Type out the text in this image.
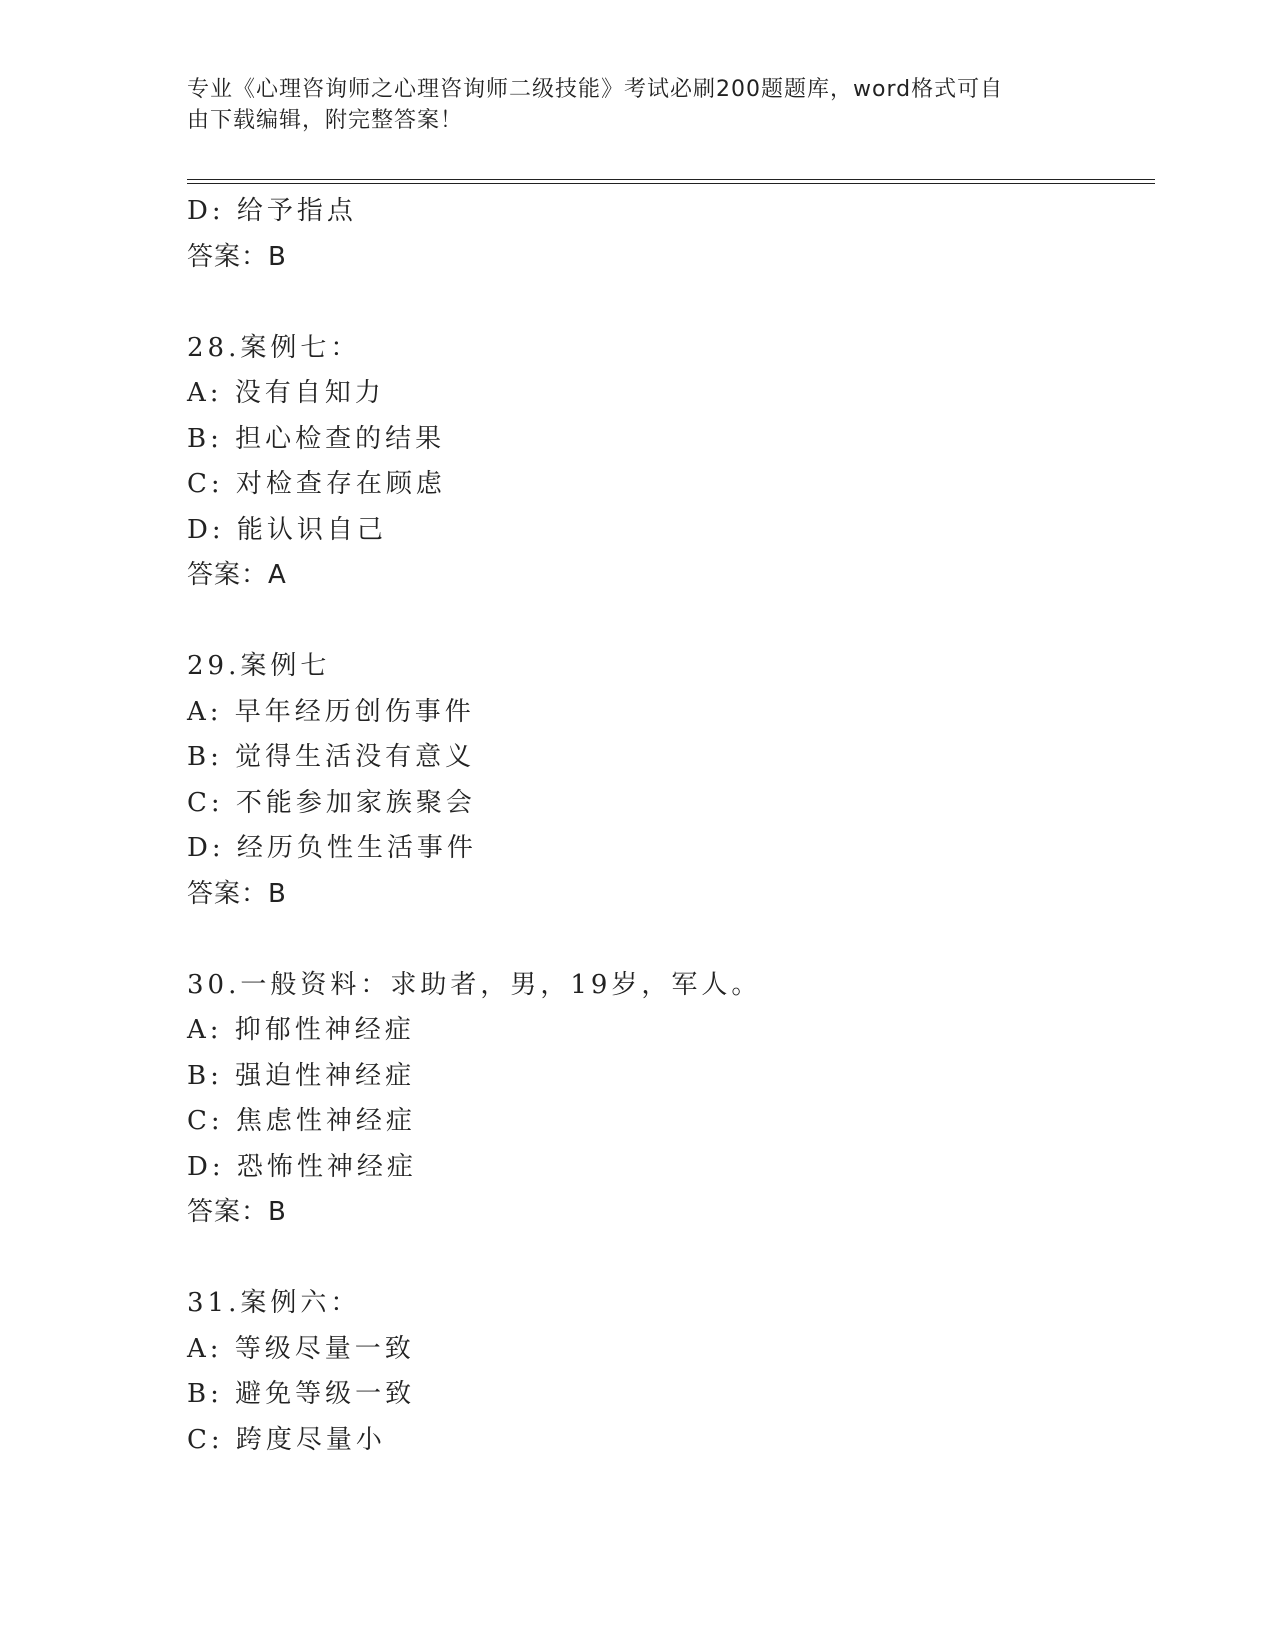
专业《心理咨询师之心理咨询师二级技能》考试必刷200题题库，word格式可自
由下载编辑，附完整答案！
D: 给予指点
答案：B
28.案例七：
A: 没有自知力
B: 担心检查的结果
C: 对检查存在顾虑
D: 能认识自己
答案：A
29.案例七
A: 早年经历创伤事件
B: 觉得生活没有意义
C: 不能参加家族聚会
D: 经历负性生活事件
答案：B
30.一般资料：求助者，男，19岁，军人。
A: 抑郁性神经症
B: 强迫性神经症
C: 焦虑性神经症
D: 恐怖性神经症
答案：B
31.案例六：
A: 等级尽量一致
B: 避免等级一致
C: 跨度尽量小
